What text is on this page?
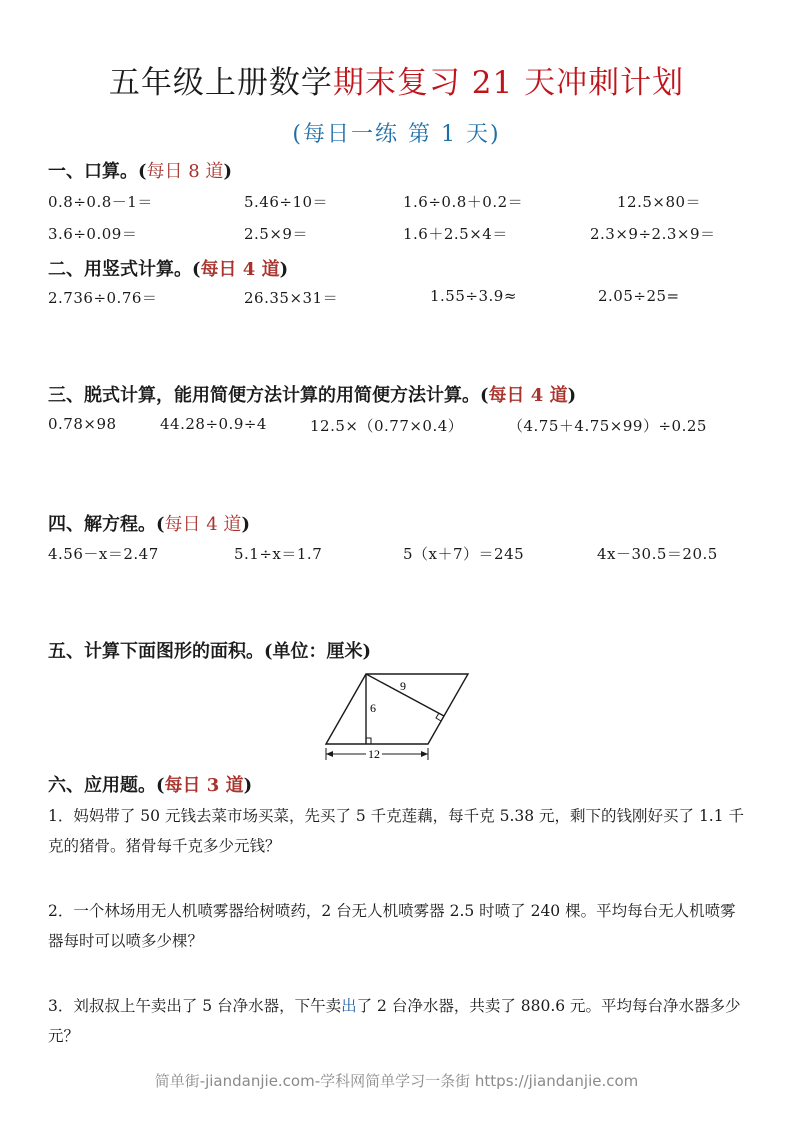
五年级上册数学期末复习 21 天冲刺计划
(每日一练 第 1 天)
一、口算。(每日 8 道)
0.8÷0.8－1＝	5.46÷10＝	1.6÷0.8＋0.2＝	12.5×80＝
3.6÷0.09＝	2.5×9＝	1.6＋2.5×4＝	2.3×9÷2.3×9＝
二、用竖式计算。(每日 4 道)
2.736÷0.76＝	26.35×31＝	1.55÷3.9≈	2.05÷25=
三、脱式计算，能用简便方法计算的用简便方法计算。(每日 4 道)
0.78×98	44.28÷0.9÷4	12.5×（0.77×0.4）	（4.75＋4.75×99）÷0.25
四、解方程。(每日 4 道)
4.56－x＝2.47	5.1÷x＝1.7	5（x＋7）＝245	4x－30.5＝20.5
五、计算下面图形的面积。(单位：厘米)
12
6
9
六、应用题。(每日 3 道)
1．妈妈带了 50 元钱去菜市场买菜，先买了 5 千克莲藕，每千克 5.38 元，剩下的钱刚好买了 1.1 千克的猪骨。猪骨每千克多少元钱？
2．一个林场用无人机喷雾器给树喷药，2 台无人机喷雾器 2.5 时喷了 240 棵。平均每台无人机喷雾器每时可以喷多少棵？
3．刘叔叔上午卖出了 5 台净水器，下午卖出了 2 台净水器，共卖了 880.6 元。平均每台净水器多少元？
简单街-jiandanjie.com-学科网简单学习一条街 https://jiandanjie.com
